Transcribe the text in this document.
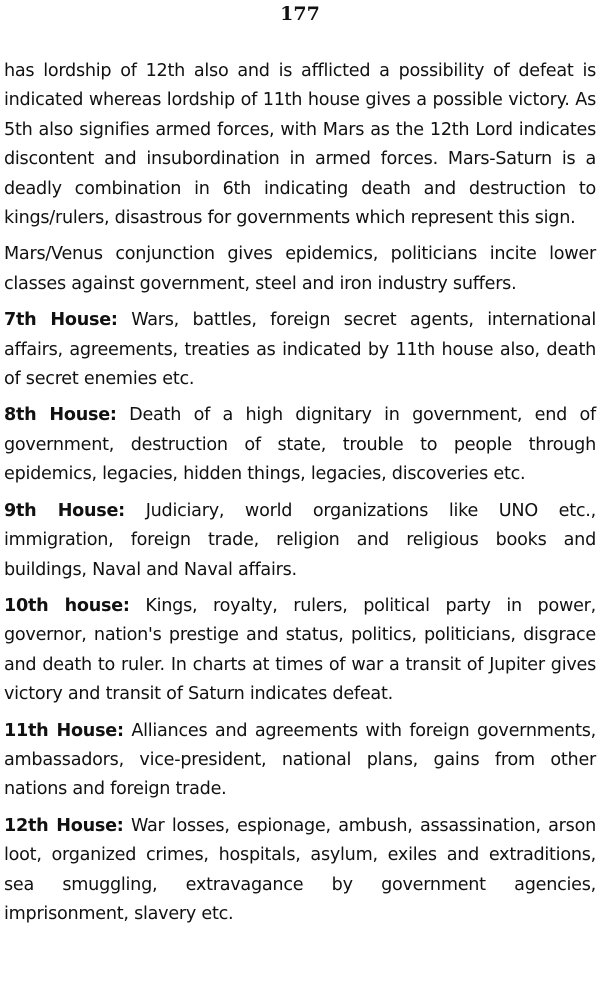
177

has lordship of 12th also and is afflicted a possibility of defeat is indicated whereas lordship of 11th house gives a possible victory. As 5th also signifies armed forces, with Mars as the 12th Lord indicates discontent and insubordination in armed forces. Mars-Saturn is a deadly combination in 6th indicating death and destruction to kings/rulers, disastrous for governments which represent this sign.

Mars/Venus conjunction gives epidemics, politicians incite lower classes against government, steel and iron industry suffers.

7th House: Wars, battles, foreign secret agents, international affairs, agreements, treaties as indicated by 11th house also, death of secret enemies etc.

8th House: Death of a high dignitary in government, end of government, destruction of state, trouble to people through epidemics, legacies, hidden things, legacies, discoveries etc.

9th House: Judiciary, world organizations like UNO etc., immigration, foreign trade, religion and religious books and buildings, Naval and Naval affairs.

10th house: Kings, royalty, rulers, political party in power, governor, nation's prestige and status, politics, politicians, disgrace and death to ruler. In charts at times of war a transit of Jupiter gives victory and transit of Saturn indicates defeat.

11th House: Alliances and agreements with foreign governments, ambassadors, vice-president, national plans, gains from other nations and foreign trade.

12th House: War losses, espionage, ambush, assassination, arson loot, organized crimes, hospitals, asylum, exiles and extraditions, sea smuggling, extravagance by government agencies, imprisonment, slavery etc.
